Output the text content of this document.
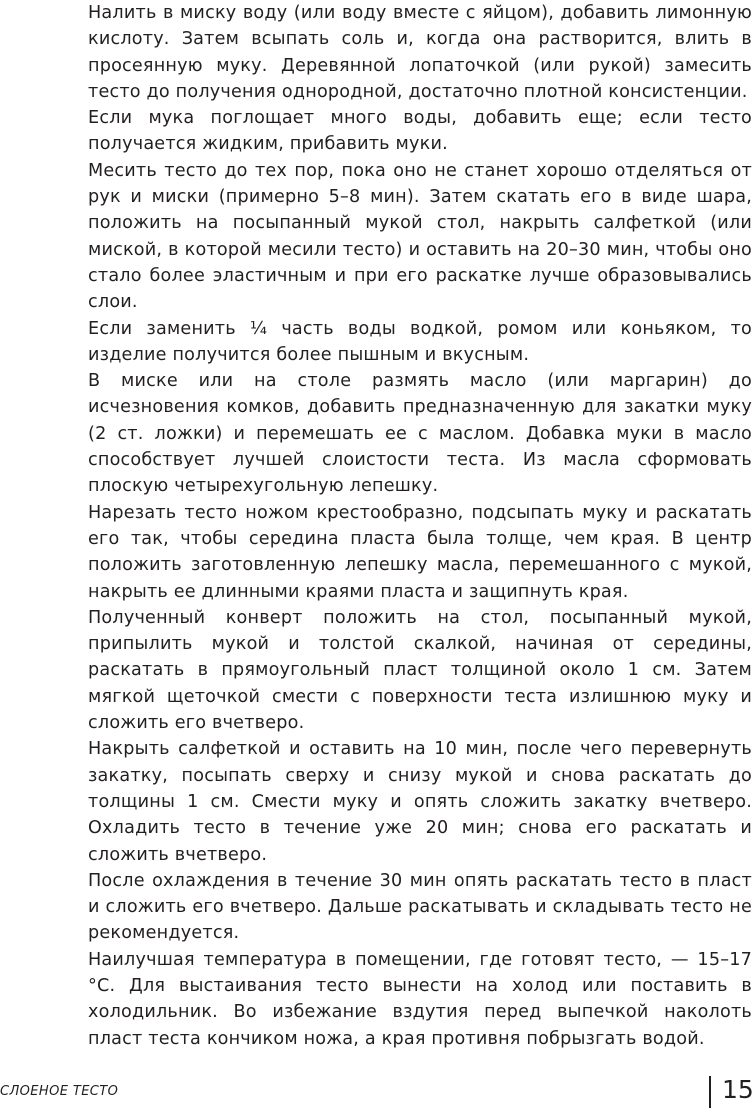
Налить в миску воду (или воду вместе с яйцом), добавить лимонную кислоту. Затем всыпать соль и, когда она растворится, влить в просеянную муку. Деревянной лопаточкой (или рукой) замесить тесто до получения однородной, достаточно плотной консистенции.

Если мука поглощает много воды, добавить еще; если тесто получается жидким, прибавить муки.

Месить тесто до тех пор, пока оно не станет хорошо отделяться от рук и миски (примерно 5–8 мин). Затем скатать его в виде шара, положить на посыпанный мукой стол, накрыть салфеткой (или миской, в которой месили тесто) и оставить на 20–30 мин, чтобы оно стало более эластичным и при его раскатке лучше образовывались слои.

Если заменить ¼ часть воды водкой, ромом или коньяком, то изделие получится более пышным и вкусным.

В миске или на столе размять масло (или маргарин) до исчезновения комков, добавить предназначенную для закатки муку (2 ст. ложки) и перемешать ее с маслом. Добавка муки в масло способствует лучшей слоистости теста. Из масла сформовать плоскую четырехугольную лепешку.

Нарезать тесто ножом крестообразно, подсыпать муку и раскатать его так, чтобы середина пласта была толще, чем края. В центр положить заготовленную лепешку масла, перемешанного с мукой, накрыть ее длинными краями пласта и защипнуть края.

Полученный конверт положить на стол, посыпанный мукой, припылить мукой и толстой скалкой, начиная от середины, раскатать в прямоугольный пласт толщиной около 1 см. Затем мягкой щеточкой смести с поверхности теста излишнюю муку и сложить его вчетверо.

Накрыть салфеткой и оставить на 10 мин, после чего перевернуть закатку, посыпать сверху и снизу мукой и снова раскатать до толщины 1 см. Смести муку и опять сложить закатку вчетверо. Охладить тесто в течение уже 20 мин; снова его раскатать и сложить вчетверо.

После охлаждения в течение 30 мин опять раскатать тесто в пласт и сложить его вчетверо. Дальше раскатывать и складывать тесто не рекомендуется.

Наилучшая температура в помещении, где готовят тесто, — 15–17 °C. Для выстаивания тесто вынести на холод или поставить в холодильник. Во избежание вздутия перед выпечкой наколоть пласт теста кончиком ножа, а края противня побрызгать водой.

СЛОЕНОЕ ТЕСТО	15
